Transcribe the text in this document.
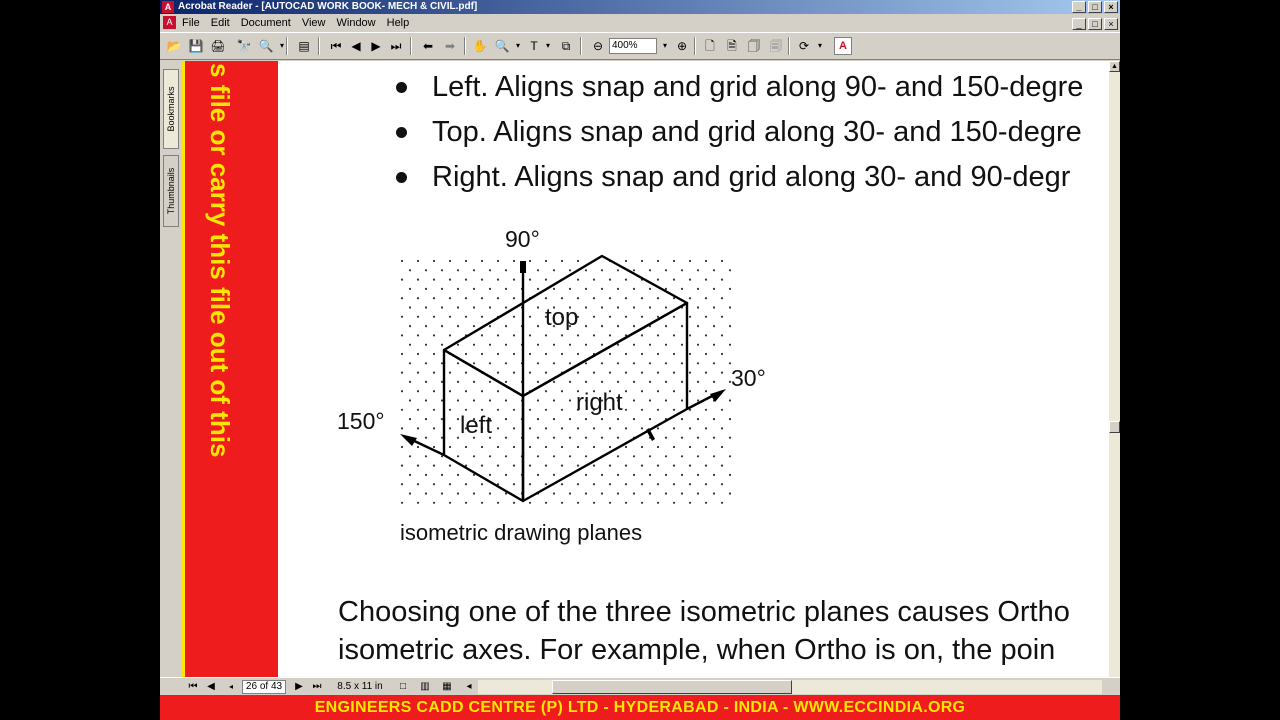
A Acrobat Reader - [AUTOCAD WORK BOOK- MECH & CIVIL.pdf]	_	□	×
A File Edit Document View Window Help	_	□	×
📂 💾 🖨 🔭 🔍 ▾	▤ ⏮ ◀ ▶ ⏭ ⬅ ➡ ✋ 🔍 ▾ T	▾ ⧉	⊖ 400%	▾ ⊕ 🗋 🗎 🗍 🗐 ⟳	▾	A
Bookmarks
Thumbnails s file or carry this file out of this	Left. Aligns snap and grid along 90- and 150-degre
Top. Aligns snap and grid along 30- and 150-degre
Right. Aligns snap and grid along 30- and 90-degr
90°
30°
150°
top
left
right
isometric drawing planes
Choosing one of the three isometric planes causes Ortho
isometric axes. For example, when Ortho is on, the poin
▲
⏮ ◀	◂	26 of 43	▶ ⏭	8.5 x 11 in	□	▥ ▦	◂
ENGINEERS CADD CENTRE (P) LTD - HYDERABAD - INDIA - WWW.ECCINDIA.ORG
